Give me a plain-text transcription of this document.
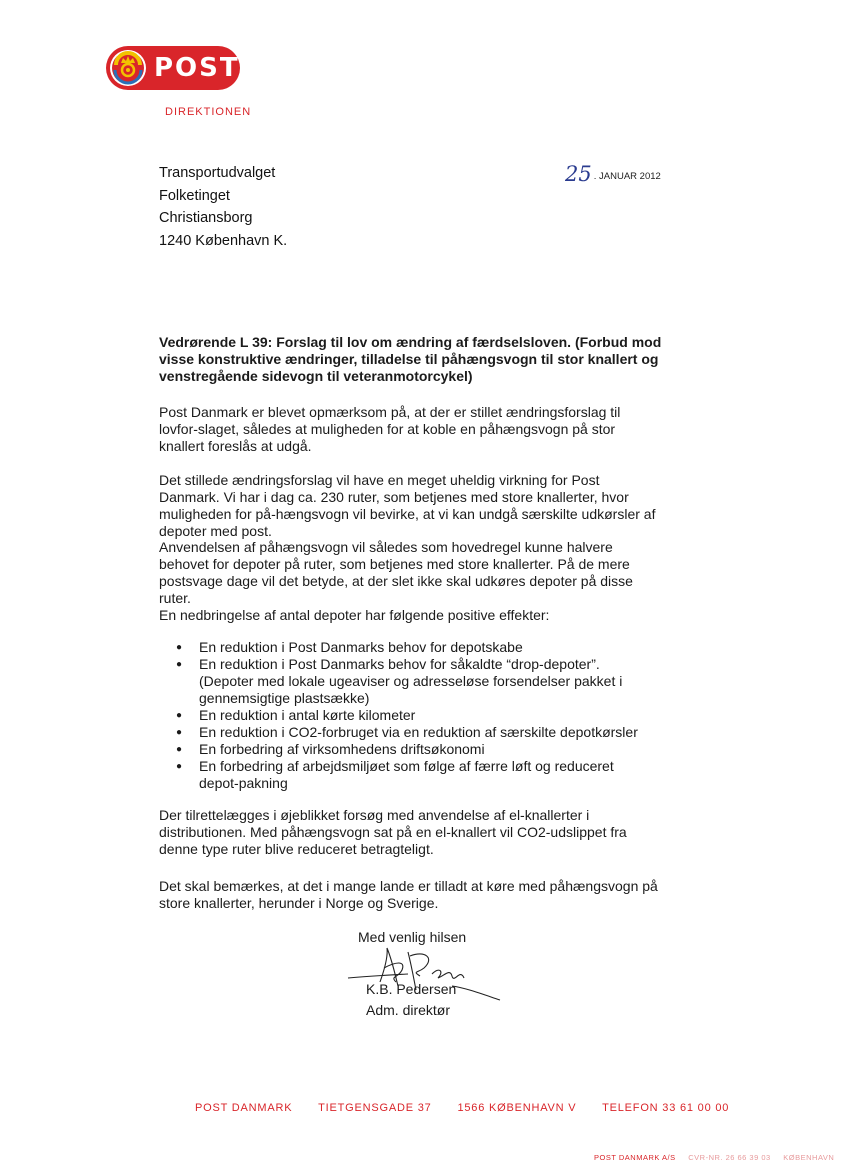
POST
DIREKTIONEN
Transportudvalget
Folketinget
Christiansborg
1240 København K.
25 . JANUAR 2012
Vedrørende L 39: Forslag til lov om ændring af færdselsloven. (Forbud mod visse konstruktive ændringer, tilladelse til påhængsvogn til stor knallert og venstregående sidevogn til veteranmotorcykel)
Post Danmark er blevet opmærksom på, at der er stillet ændringsforslag til lovfor-slaget, således at muligheden for at koble en påhængsvogn på stor knallert foreslås at udgå.
Det stillede ændringsforslag vil have en meget uheldig virkning for Post Danmark. Vi har i dag ca. 230 ruter, som betjenes med store knallerter, hvor muligheden for på-hængsvogn vil bevirke, at vi kan undgå særskilte udkørsler af depoter med post.
Anvendelsen af påhængsvogn vil således som hovedregel kunne halvere behovet for depoter på ruter, som betjenes med store knallerter. På de mere postsvage dage vil det betyde, at der slet ikke skal udkøres depoter på disse ruter.
En nedbringelse af antal depoter har følgende positive effekter:
● En reduktion i Post Danmarks behov for depotskabe
● En reduktion i Post Danmarks behov for såkaldte “drop-depoter”. (Depoter med lokale ugeaviser og adresseløse forsendelser pakket i gennemsigtige plastsække)
● En reduktion i antal kørte kilometer
● En reduktion i CO2-forbruget via en reduktion af særskilte depotkørsler
● En forbedring af virksomhedens driftsøkonomi
● En forbedring af arbejdsmiljøet som følge af færre løft og reduceret depot-pakning
Der tilrettelægges i øjeblikket forsøg med anvendelse af el-knallerter i distributionen. Med påhængsvogn sat på en el-knallert vil CO2-udslippet fra denne type ruter blive reduceret betragteligt.
Det skal bemærkes, at det i mange lande er tilladt at køre med påhængsvogn på store knallerter, herunder i Norge og Sverige.
Med venlig hilsen
K.B. Pedersen
Adm. direktør
POST DANMARK TIETGENSGADE 37 1566 KØBENHAVN V TELEFON 33 61 00 00
POST DANMARK A/S CVR-NR. 26 66 39 03 KØBENHAVN
